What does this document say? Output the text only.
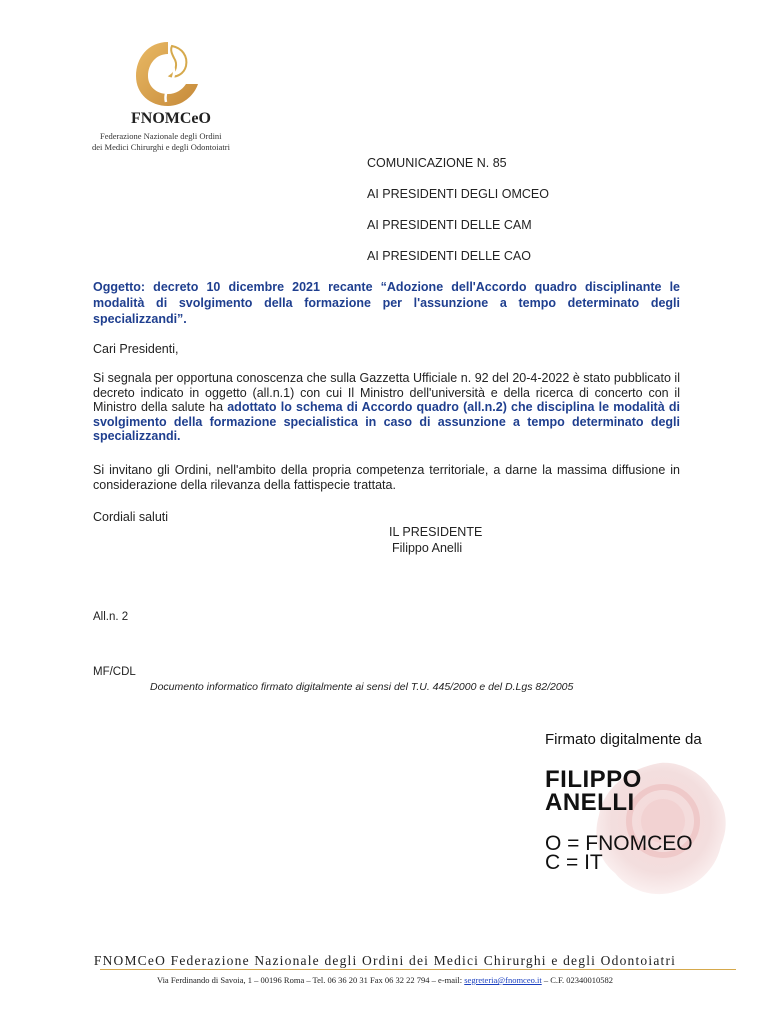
FNOMCeO
Federazione Nazionale degli Ordini
dei Medici Chirurghi e degli Odontoiatri
COMUNICAZIONE N. 85
AI PRESIDENTI DEGLI OMCEO
AI PRESIDENTI DELLE CAM
AI PRESIDENTI DELLE CAO
Oggetto: decreto 10 dicembre 2021 recante “Adozione dell'Accordo quadro disciplinante le modalità di svolgimento della formazione per l'assunzione a tempo determinato degli specializzandi”.
Cari Presidenti,
Si segnala per opportuna conoscenza che sulla Gazzetta Ufficiale n. 92 del 20-4-2022 è stato pubblicato il decreto indicato in oggetto (all.n.1) con cui Il Ministro dell'università e della ricerca di concerto con il Ministro della salute ha adottato lo schema di Accordo quadro (all.n.2) che disciplina le modalità di svolgimento della formazione specialistica in caso di assunzione a tempo determinato degli specializzandi.
Si invitano gli Ordini, nell'ambito della propria competenza territoriale, a darne la massima diffusione in considerazione della rilevanza della fattispecie trattata.
Cordiali saluti
IL PRESIDENTE
Filippo Anelli
All.n. 2
MF/CDL
Documento informatico firmato digitalmente ai sensi del T.U. 445/2000 e del D.Lgs 82/2005
Firmato digitalmente da
FILIPPO
ANELLI
O = FNOMCEO
C = IT
FNOMCeO Federazione Nazionale degli Ordini dei Medici Chirurghi e degli Odontoiatri
Via Ferdinando di Savoia, 1 – 00196 Roma – Tel. 06 36 20 31 Fax 06 32 22 794 – e-mail: segreteria@fnomceo.it – C.F. 02340010582
